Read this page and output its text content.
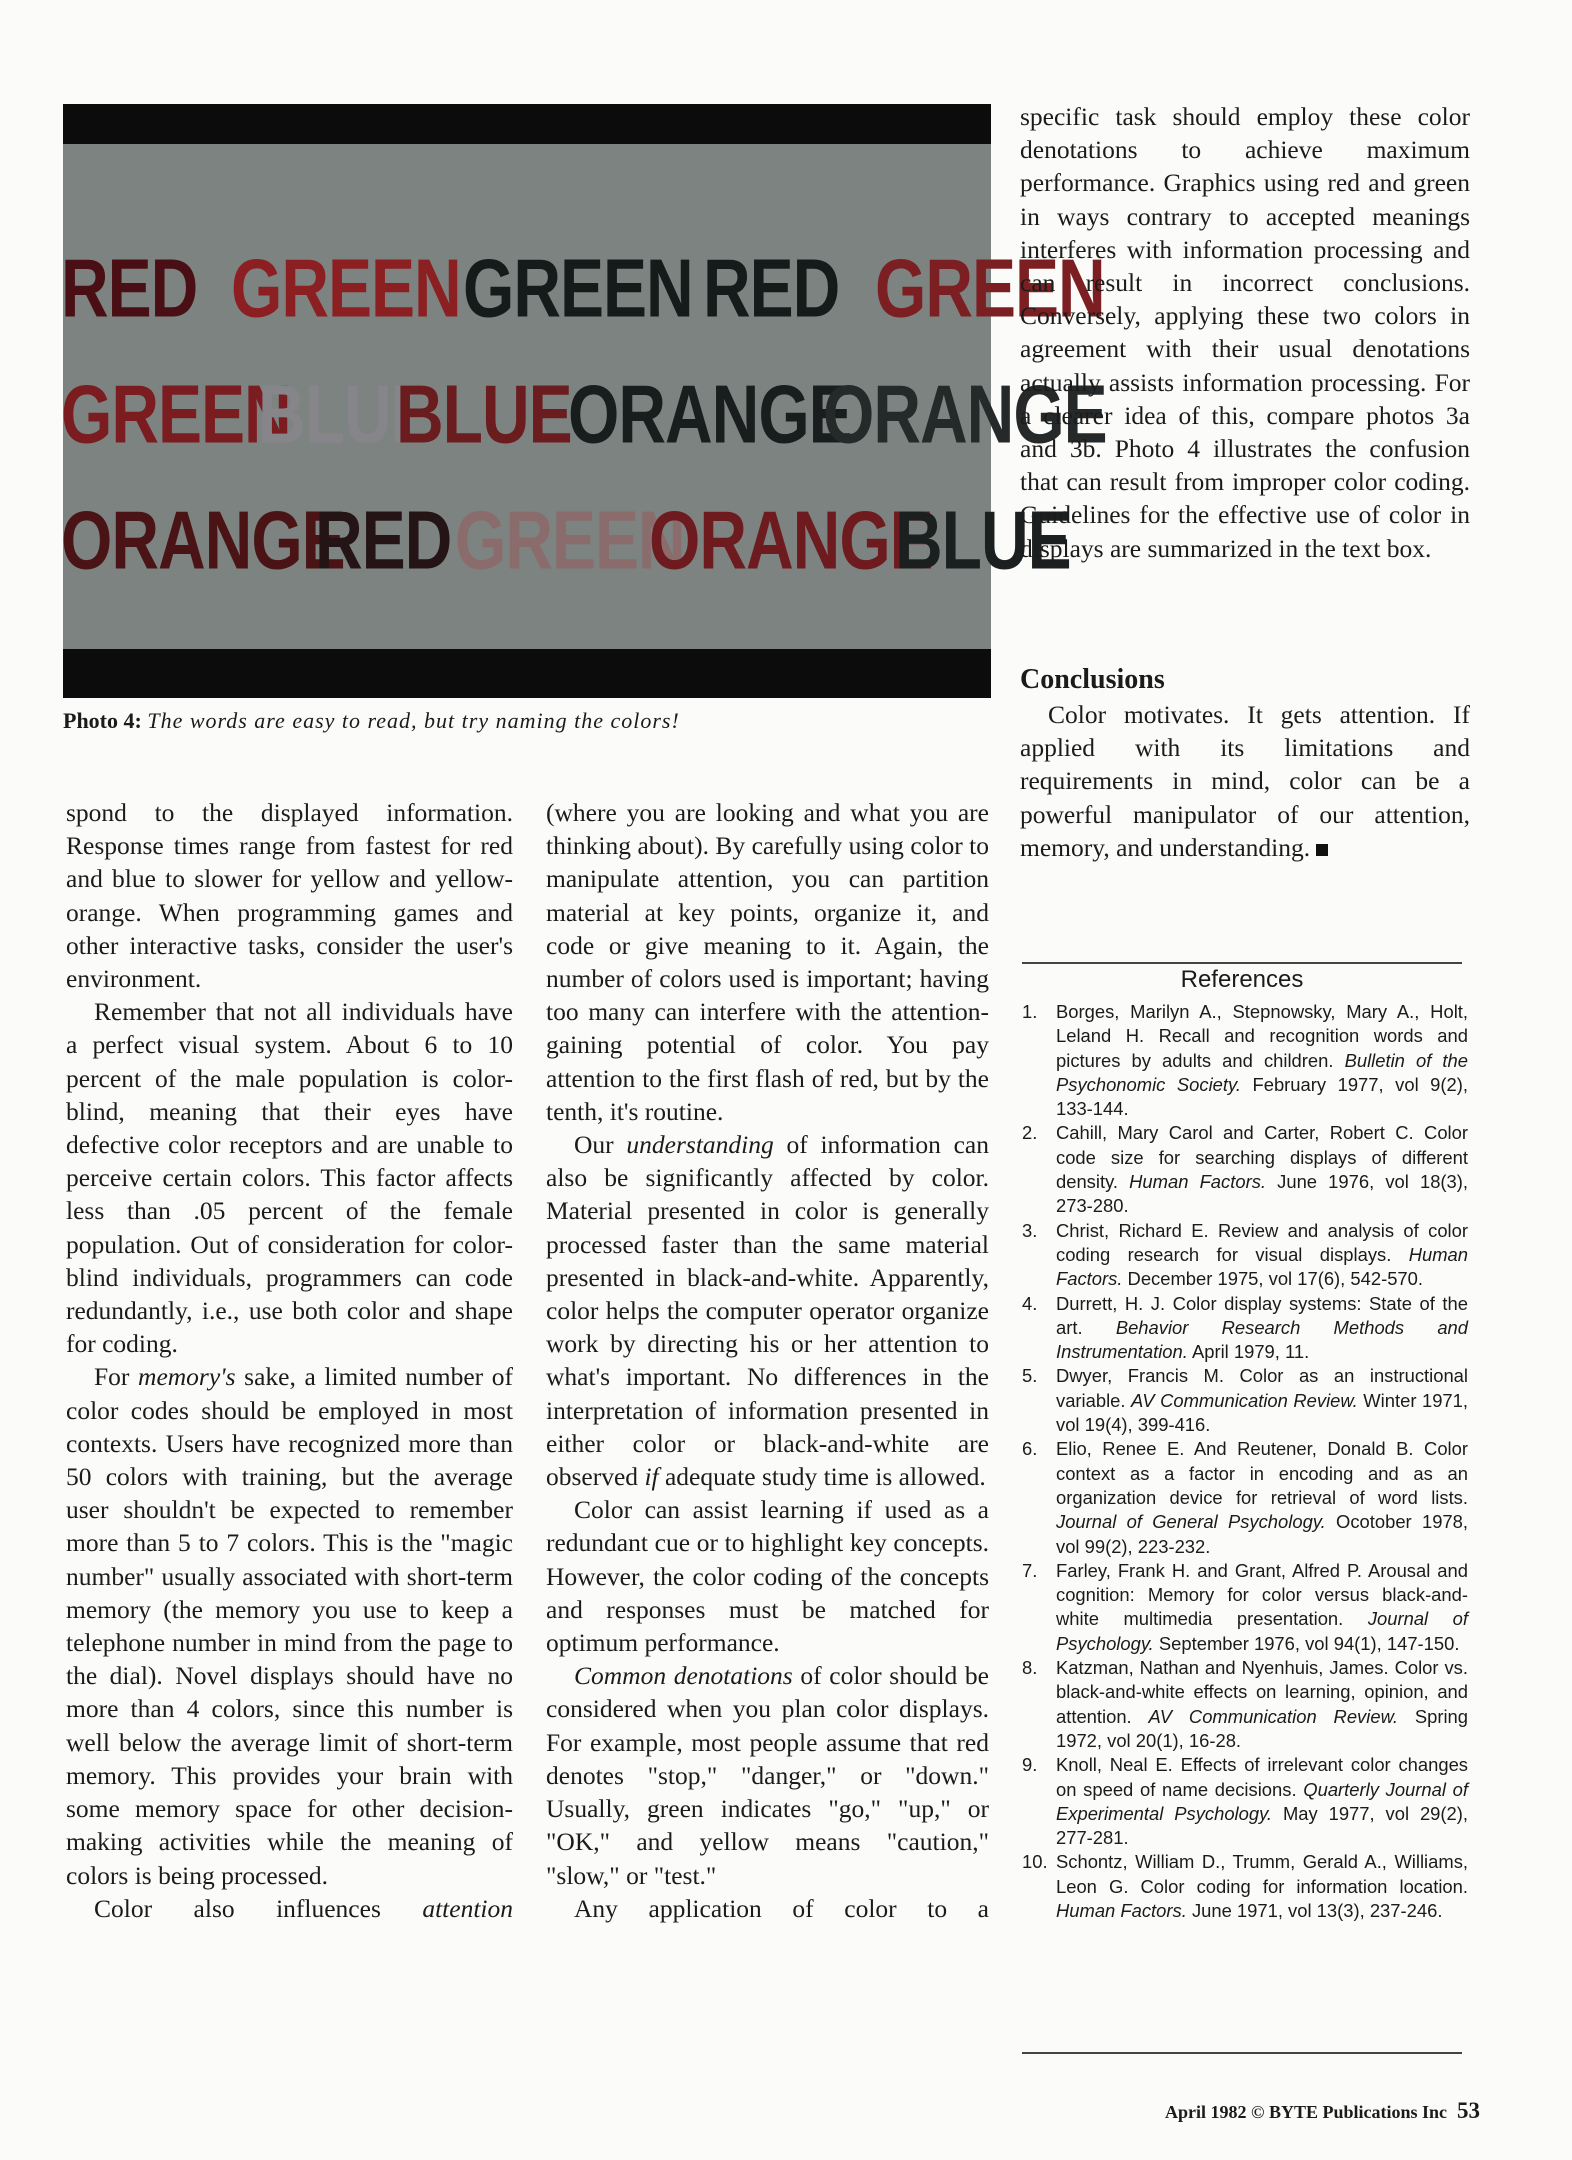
RED GREEN GREEN RED GREEN
GREEN
BLUE
BLUE
ORANGE
ORANGE
ORANGE
RED GREEN
ORANGE
BLUE
Photo 4: The words are easy to read, but try naming the colors!

spond to the displayed information. Response times range from fastest for red and blue to slower for yellow and yellow-orange. When programming games and other interactive tasks, consider the user's environment.

Remember that not all individuals have a perfect visual system. About 6 to 10 percent of the male population is color-blind, meaning that their eyes have defective color receptors and are unable to perceive certain colors. This factor affects less than .05 percent of the female population. Out of consideration for color-blind individuals, programmers can code redundantly, i.e., use both color and shape for coding.

For memory's sake, a limited number of color codes should be employed in most contexts. Users have recognized more than 50 colors with training, but the average user shouldn't be expected to remember more than 5 to 7 colors. This is the "magic number" usually associated with short-term memory (the memory you use to keep a telephone number in mind from the page to the dial). Novel displays should have no more than 4 colors, since this number is well below the average limit of short-term memory. This provides your brain with some memory space for other decision-making activities while the meaning of colors is being processed.

Color also influences attention

(where you are looking and what you are thinking about). By carefully using color to manipulate attention, you can partition material at key points, organize it, and code or give meaning to it. Again, the number of colors used is important; having too many can interfere with the attention-gaining potential of color. You pay attention to the first flash of red, but by the tenth, it's routine.

Our understanding of information can also be significantly affected by color. Material presented in color is generally processed faster than the same material presented in black-and-white. Apparently, color helps the computer operator organize work by directing his or her attention to what's important. No differences in the interpretation of information presented in either color or black-and-white are observed if adequate study time is allowed.

Color can assist learning if used as a redundant cue or to highlight key concepts. However, the color coding of the concepts and responses must be matched for optimum performance.

Common denotations of color should be considered when you plan color displays. For example, most people assume that red denotes "stop," "danger," or "down." Usually, green indicates "go," "up," or "OK," and yellow means "caution," "slow," or "test."

Any application of color to a

specific task should employ these color denotations to achieve maximum performance. Graphics using red and green in ways contrary to accepted meanings interferes with information processing and can result in incorrect conclusions. Conversely, applying these two colors in agreement with their usual denotations actually assists information processing. For a clearer idea of this, compare photos 3a and 3b. Photo 4 illustrates the confusion that can result from improper color coding. Guidelines for the effective use of color in displays are summarized in the text box.

Conclusions

Color motivates. It gets attention. If applied with its limitations and requirements in mind, color can be a powerful manipulator of our attention, memory, and understanding.

References
1.	Borges, Marilyn A., Stepnowsky, Mary A., Holt, Leland H. Recall and recognition words and pictures by adults and children. Bulletin of the Psychonomic Society. February 1977, vol 9(2), 133-144.
2.	Cahill, Mary Carol and Carter, Robert C. Color code size for searching displays of different density. Human Factors. June 1976, vol 18(3), 273-280.
3.	Christ, Richard E. Review and analysis of color coding research for visual displays. Human Factors. December 1975, vol 17(6), 542-570.
4.	Durrett, H. J. Color display systems: State of the art. Behavior Research Methods and Instrumentation. April 1979, 11.
5.	Dwyer, Francis M. Color as an instructional variable. AV Communication Review. Winter 1971, vol 19(4), 399-416.
6.	Elio, Renee E. And Reutener, Donald B. Color context as a factor in encoding and as an organization device for retrieval of word lists. Journal of General Psychology. Ocotober 1978, vol 99(2), 223-232.
7.	Farley, Frank H. and Grant, Alfred P. Arousal and cognition: Memory for color versus black-and-white multimedia presentation. Journal of Psychology. September 1976, vol 94(1), 147-150.
8.	Katzman, Nathan and Nyenhuis, James. Color vs. black-and-white effects on learning, opinion, and attention. AV Communication Review. Spring 1972, vol 20(1), 16-28.
9.	Knoll, Neal E. Effects of irrelevant color changes on speed of name decisions. Quarterly Journal of Experimental Psychology. May 1977, vol 29(2), 277-281.
10. Schontz, William D., Trumm, Gerald A., Williams, Leon G. Color coding for information location. Human Factors. June 1971, vol 13(3), 237-246.
April 1982 © BYTE Publications Inc 53
